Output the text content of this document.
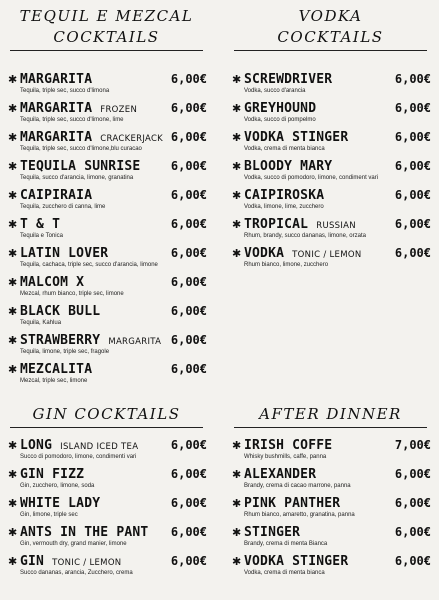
TEQUIL E MEZCAL
COCKTAILS
✱ MARGARITA
Tequila, triple sec, succo d'limona
6,00€
✱ MARGARITA FROZEN
Tequila, triple sec, succo d'limone, lime
6,00€
✱ MARGARITA CRACKERJACK
Tequila, triple sec, succo d'limone,blu curacao
6,00€
✱ TEQUILA SUNRISE
Tequila, succo d'arancia, limone, granatina
6,00€
✱ CAIPIRAIA
Tequila, zucchero di canna, lime
6,00€
✱ T & T
Tequila e Tonica
6,00€
✱ LATIN LOVER
Tequila, cachaca, triple sec, succo d'arancia, limone
6,00€
✱ MALCOM X
Mezcal, rhum bianco, triple sec, limone
6,00€
✱ BLACK BULL
Tequila, Kahlua
6,00€
✱ STRAWBERRY MARGARITA
Tequila, limone, triple sec, fragole
6,00€
✱ MEZCALITA
Mezcal, triple sec, limone
6,00€
GIN COCKTAILS
✱ LONG ISLAND ICED TEA
Succo di pomodoro, limone, condimenti vari
6,00€
✱ GIN FIZZ
Gin, zucchero, limone, soda
6,00€
✱ WHITE LADY
Gin, limone, triple sec
6,00€
✱ ANTS IN THE PANT
Gin, vermouth dry, grand manier, limone
6,00€
✱ GIN TONIC / LEMON
Succo dananas, arancia, Zucchero, crema
6,00€
VODKA
COCKTAILS
✱ SCREWDRIVER
Vodka, succo d'arancia
6,00€
✱ GREYHOUND
Vodka, succo di pompelmo
6,00€
✱ VODKA STINGER
Vodka, crema di menta bianca
6,00€
✱ BLOODY MARY
Vodka, succo di pomodoro, limone, condiment vari
6,00€
✱ CAIPIROSKA
Vodka, limone, lime, zucchero
6,00€
✱ TROPICAL RUSSIAN
Rhum, brandy, succo dananas, limone, orzata
6,00€
✱ VODKA TONIC / LEMON
Rhum bianco, limone, zucchero
6,00€
AFTER DINNER
✱ IRISH COFFE
Whisky bushmills, caffe, panna
7,00€
✱ ALEXANDER
Brandy, crema di cacao marrone, panna
6,00€
✱ PINK PANTHER
Rhum bianco, amaretto, granatina, panna
6,00€
✱ STINGER
Brandy, crema di menta Bianca
6,00€
✱ VODKA STINGER
Vodka, crema di menta bianca
6,00€
